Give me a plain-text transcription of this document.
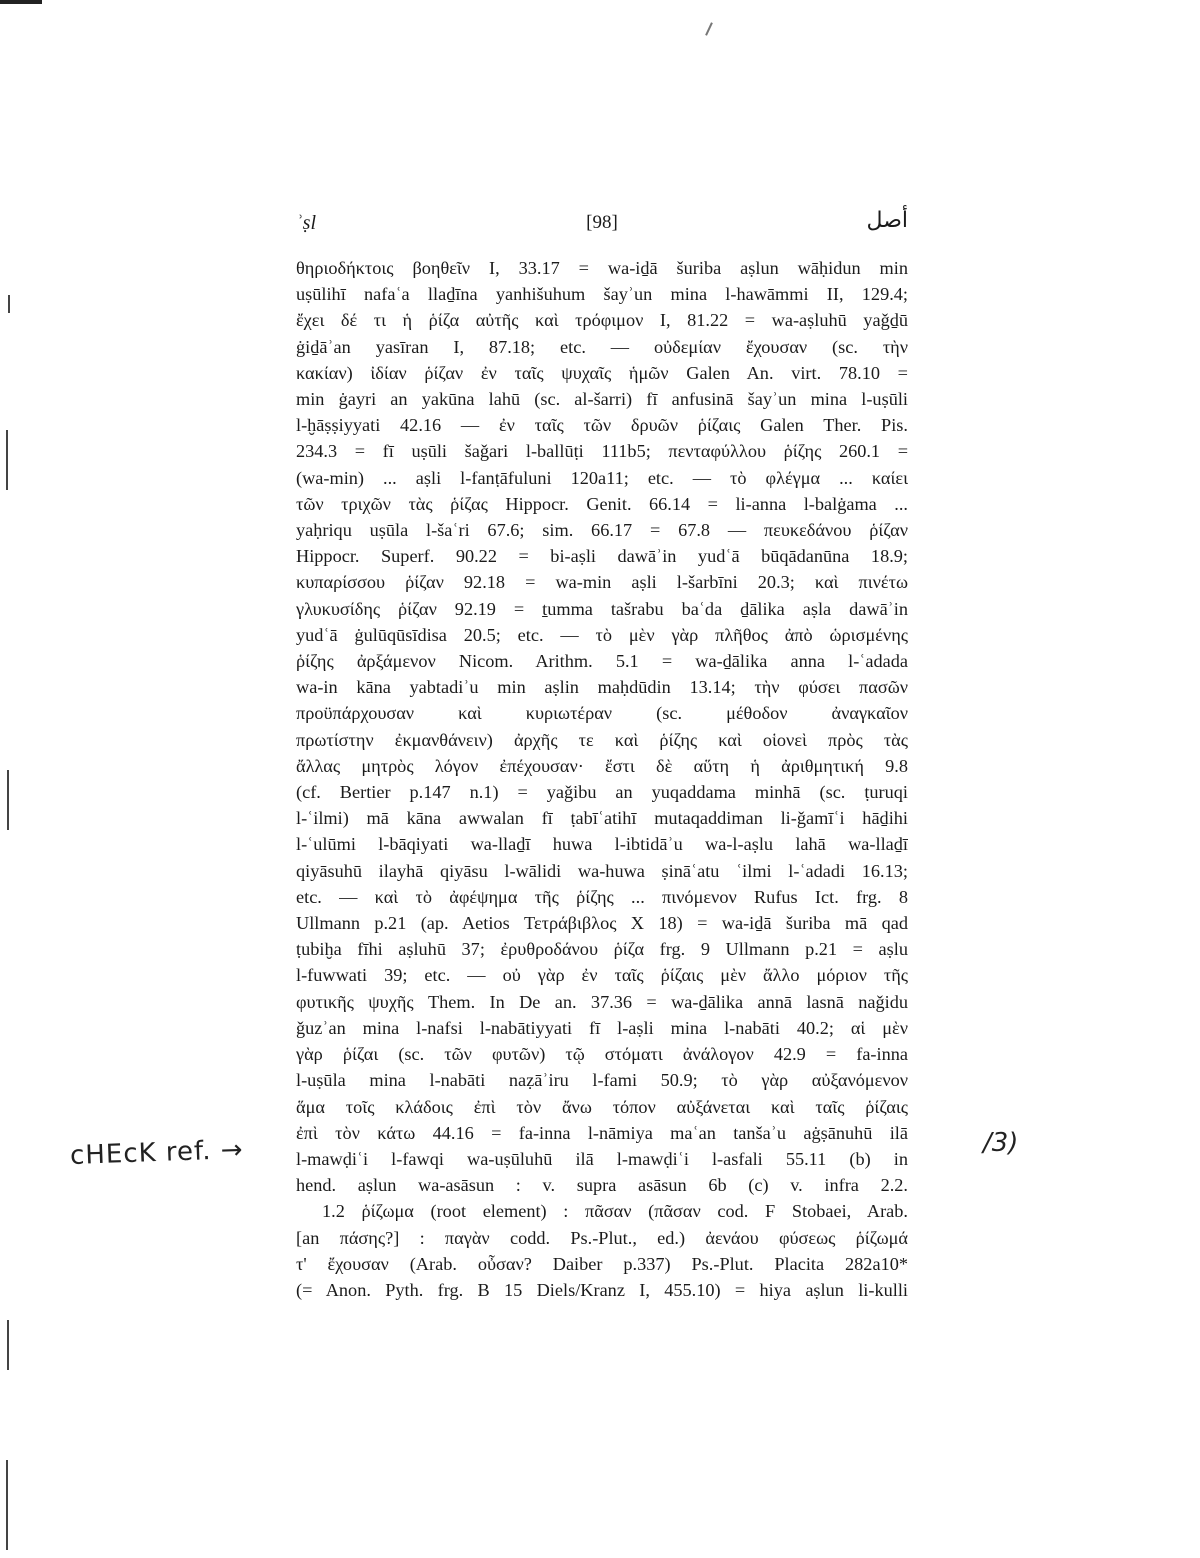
ʾṣl	[98]	أصل
θηριοδήκτοις βοηθεῖν I, 33.17 = wa-iḏā šuriba aṣlun wāḥidun min
uṣūlihī nafaʿa llaḏīna yanhišuhum šayʾun mina l-hawāmmi II, 129.4;
ἔχει δέ τι ἡ ῥίζα αὐτῆς καὶ τρόφιμον I, 81.22 = wa-aṣluhū yaǧḏū
ġiḏāʾan yasīran I, 87.18; etc. — οὐδεμίαν ἔχουσαν (sc. τὴν
κακίαν) ἰδίαν ῥίζαν ἐν ταῖς ψυχαῖς ἡμῶν Galen An. virt. 78.10 =
min ġayri an yakūna lahū (sc. al-šarri) fī anfusinā šayʾun mina l-uṣūli
l-ḫāṣṣiyyati 42.16 — ἐν ταῖς τῶν δρυῶν ῥίζαις Galen Ther. Pis.
234.3 = fī uṣūli šaǧari l-ballūṭi 111b5; πενταφύλλου ῥίζης 260.1 =
(wa-min) ... aṣli l-fanṭāfuluni 120a11; etc. — τὸ φλέγμα ... καίει
τῶν τριχῶν τὰς ῥίζας Hippocr. Genit. 66.14 = li-anna l-balġama ...
yaḥriqu uṣūla l-šaʿri 67.6; sim. 66.17 = 67.8 — πευκεδάνου ῥίζαν
Hippocr. Superf. 90.22 = bi-aṣli dawāʾin yudʿā būqādanūna 18.9;
κυπαρίσσου ῥίζαν 92.18 = wa-min aṣli l-šarbīni 20.3; καὶ πινέτω
γλυκυσίδης ῥίζαν 92.19 = ṯumma tašrabu baʿda ḏālika aṣla dawāʾin
yudʿā ġulūqūsīdisa 20.5; etc. — τὸ μὲν γὰρ πλῆθος ἀπὸ ὡρισμένης
ῥίζης ἀρξάμενον Nicom. Arithm. 5.1 = wa-ḏālika anna l-ʿadada
wa-in kāna yabtadiʾu min aṣlin maḥdūdin 13.14; τὴν φύσει πασῶν
προϋπάρχουσαν καὶ κυριωτέραν (sc. μέθοδον ἀναγκαῖον
πρωτίστην ἐκμανθάνειν) ἀρχῆς τε καὶ ῥίζης καὶ οἱονεὶ πρὸς τὰς
ἄλλας μητρὸς λόγον ἐπέχουσαν· ἔστι δὲ αὕτη ἡ ἀριθμητική 9.8
(cf. Bertier p.147 n.1) = yaǧibu an yuqaddama minhā (sc. ṭuruqi
l-ʿilmi) mā kāna awwalan fī ṭabīʿatihī mutaqaddiman li-ǧamīʿi hāḏihi
l-ʿulūmi l-bāqiyati wa-llaḏī huwa l-ibtidāʾu wa-l-aṣlu lahā wa-llaḏī
qiyāsuhū ilayhā qiyāsu l-wālidi wa-huwa ṣināʿatu ʿilmi l-ʿadadi 16.13;
etc. — καὶ τὸ ἀφέψημα τῆς ῥίζης ... πινόμενον Rufus Ict. frg. 8
Ullmann p.21 (ap. Aetios Τετράβιβλος X 18) = wa-iḏā šuriba mā qad
ṭubiḫa fīhi aṣluhū 37; ἐρυθροδάνου ῥίζα frg. 9 Ullmann p.21 = aṣlu
l-fuwwati 39; etc. — οὐ γὰρ ἐν ταῖς ῥίζαις μὲν ἄλλο μόριον τῆς
φυτικῆς ψυχῆς Them. In De an. 37.36 = wa-ḏālika annā lasnā naǧidu
ǧuzʾan mina l-nafsi l-nabātiyyati fī l-aṣli mina l-nabāti 40.2; αἱ μὲν
γὰρ ῥίζαι (sc. τῶν φυτῶν) τῷ στόματι ἀνάλογον 42.9 = fa-inna
l-uṣūla mina l-nabāti naẓāʾiru l-fami 50.9; τὸ γὰρ αὐξανόμενον
ἅμα τοῖς κλάδοις ἐπὶ τὸν ἄνω τόπον αὐξάνεται καὶ ταῖς ῥίζαις
ἐπὶ τὸν κάτω 44.16 = fa-inna l-nāmiya maʿan tanšaʾu aġṣānuhū ilā
l-mawḍiʿi l-fawqi wa-uṣūluhū ilā l-mawḍiʿi l-asfali 55.11 (b) in
hend. aṣlun wa-asāsun : v. supra asāsun 6b (c) v. infra 2.2.
1.2 ῥίζωμα (root element) : πᾶσαν (πᾶσαν cod. F Stobaei, Arab.
[an πάσης?] : παγὰν codd. Ps.-Plut., ed.) ἀενάου φύσεως ῥίζωμά
τ' ἔχουσαν (Arab. οὖσαν? Daiber p.337) Ps.-Plut. Placita 282a10*
(= Anon. Pyth. frg. B 15 Diels/Kranz I, 455.10) = hiya aṣlun li-kulli
cHEcK ref. →	/3)
